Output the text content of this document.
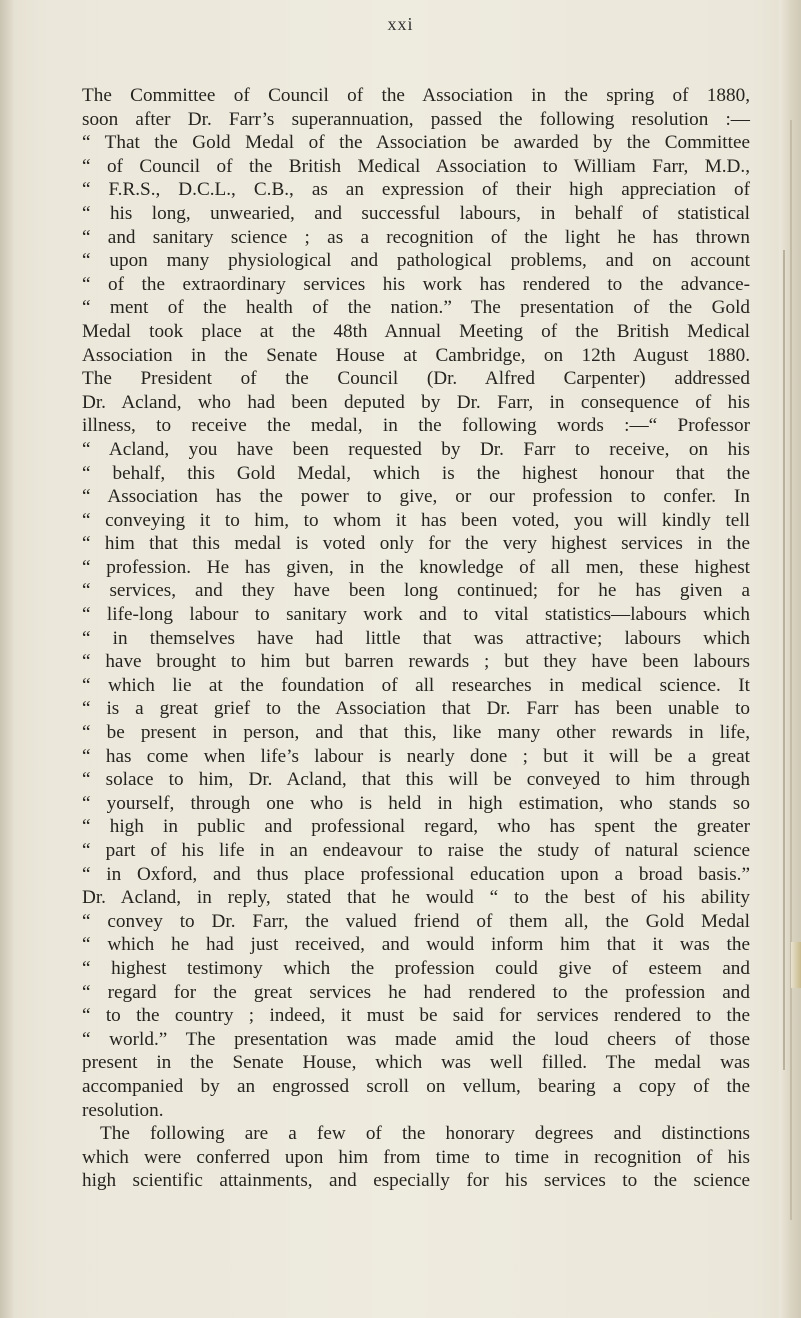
xxi
The Committee of Council of the Association in the spring of 1880,
soon after Dr. Farr’s superannuation, passed the following resolution :—
“ That the Gold Medal of the Association be awarded by the Committee
“ of Council of the British Medical Association to William Farr, M.D.,
“ F.R.S., D.C.L., C.B., as an expression of their high appreciation of
“ his long, unwearied, and successful labours, in behalf of statistical
“ and sanitary science ; as a recognition of the light he has thrown
“ upon many physiological and pathological problems, and on account
“ of the extraordinary services his work has rendered to the advance-
“ ment of the health of the nation.” The presentation of the Gold
Medal took place at the 48th Annual Meeting of the British Medical
Association in the Senate House at Cambridge, on 12th August 1880.
The President of the Council (Dr. Alfred Carpenter) addressed
Dr. Acland, who had been deputed by Dr. Farr, in consequence of his
illness, to receive the medal, in the following words :—“ Professor
“ Acland, you have been requested by Dr. Farr to receive, on his
“ behalf, this Gold Medal, which is the highest honour that the
“ Association has the power to give, or our profession to confer. In
“ conveying it to him, to whom it has been voted, you will kindly tell
“ him that this medal is voted only for the very highest services in the
“ profession. He has given, in the knowledge of all men, these highest
“ services, and they have been long continued; for he has given a
“ life-long labour to sanitary work and to vital statistics—labours which
“ in themselves have had little that was attractive; labours which
“ have brought to him but barren rewards ; but they have been labours
“ which lie at the foundation of all researches in medical science. It
“ is a great grief to the Association that Dr. Farr has been unable to
“ be present in person, and that this, like many other rewards in life,
“ has come when life’s labour is nearly done ; but it will be a great
“ solace to him, Dr. Acland, that this will be conveyed to him through
“ yourself, through one who is held in high estimation, who stands so
“ high in public and professional regard, who has spent the greater
“ part of his life in an endeavour to raise the study of natural science
“ in Oxford, and thus place professional education upon a broad basis.”
Dr. Acland, in reply, stated that he would “ to the best of his ability
“ convey to Dr. Farr, the valued friend of them all, the Gold Medal
“ which he had just received, and would inform him that it was the
“ highest testimony which the profession could give of esteem and
“ regard for the great services he had rendered to the profession and
“ to the country ; indeed, it must be said for services rendered to the
“ world.” The presentation was made amid the loud cheers of those
present in the Senate House, which was well filled. The medal was
accompanied by an engrossed scroll on vellum, bearing a copy of the
resolution.
The following are a few of the honorary degrees and distinctions
which were conferred upon him from time to time in recognition of his
high scientific attainments, and especially for his services to the science
